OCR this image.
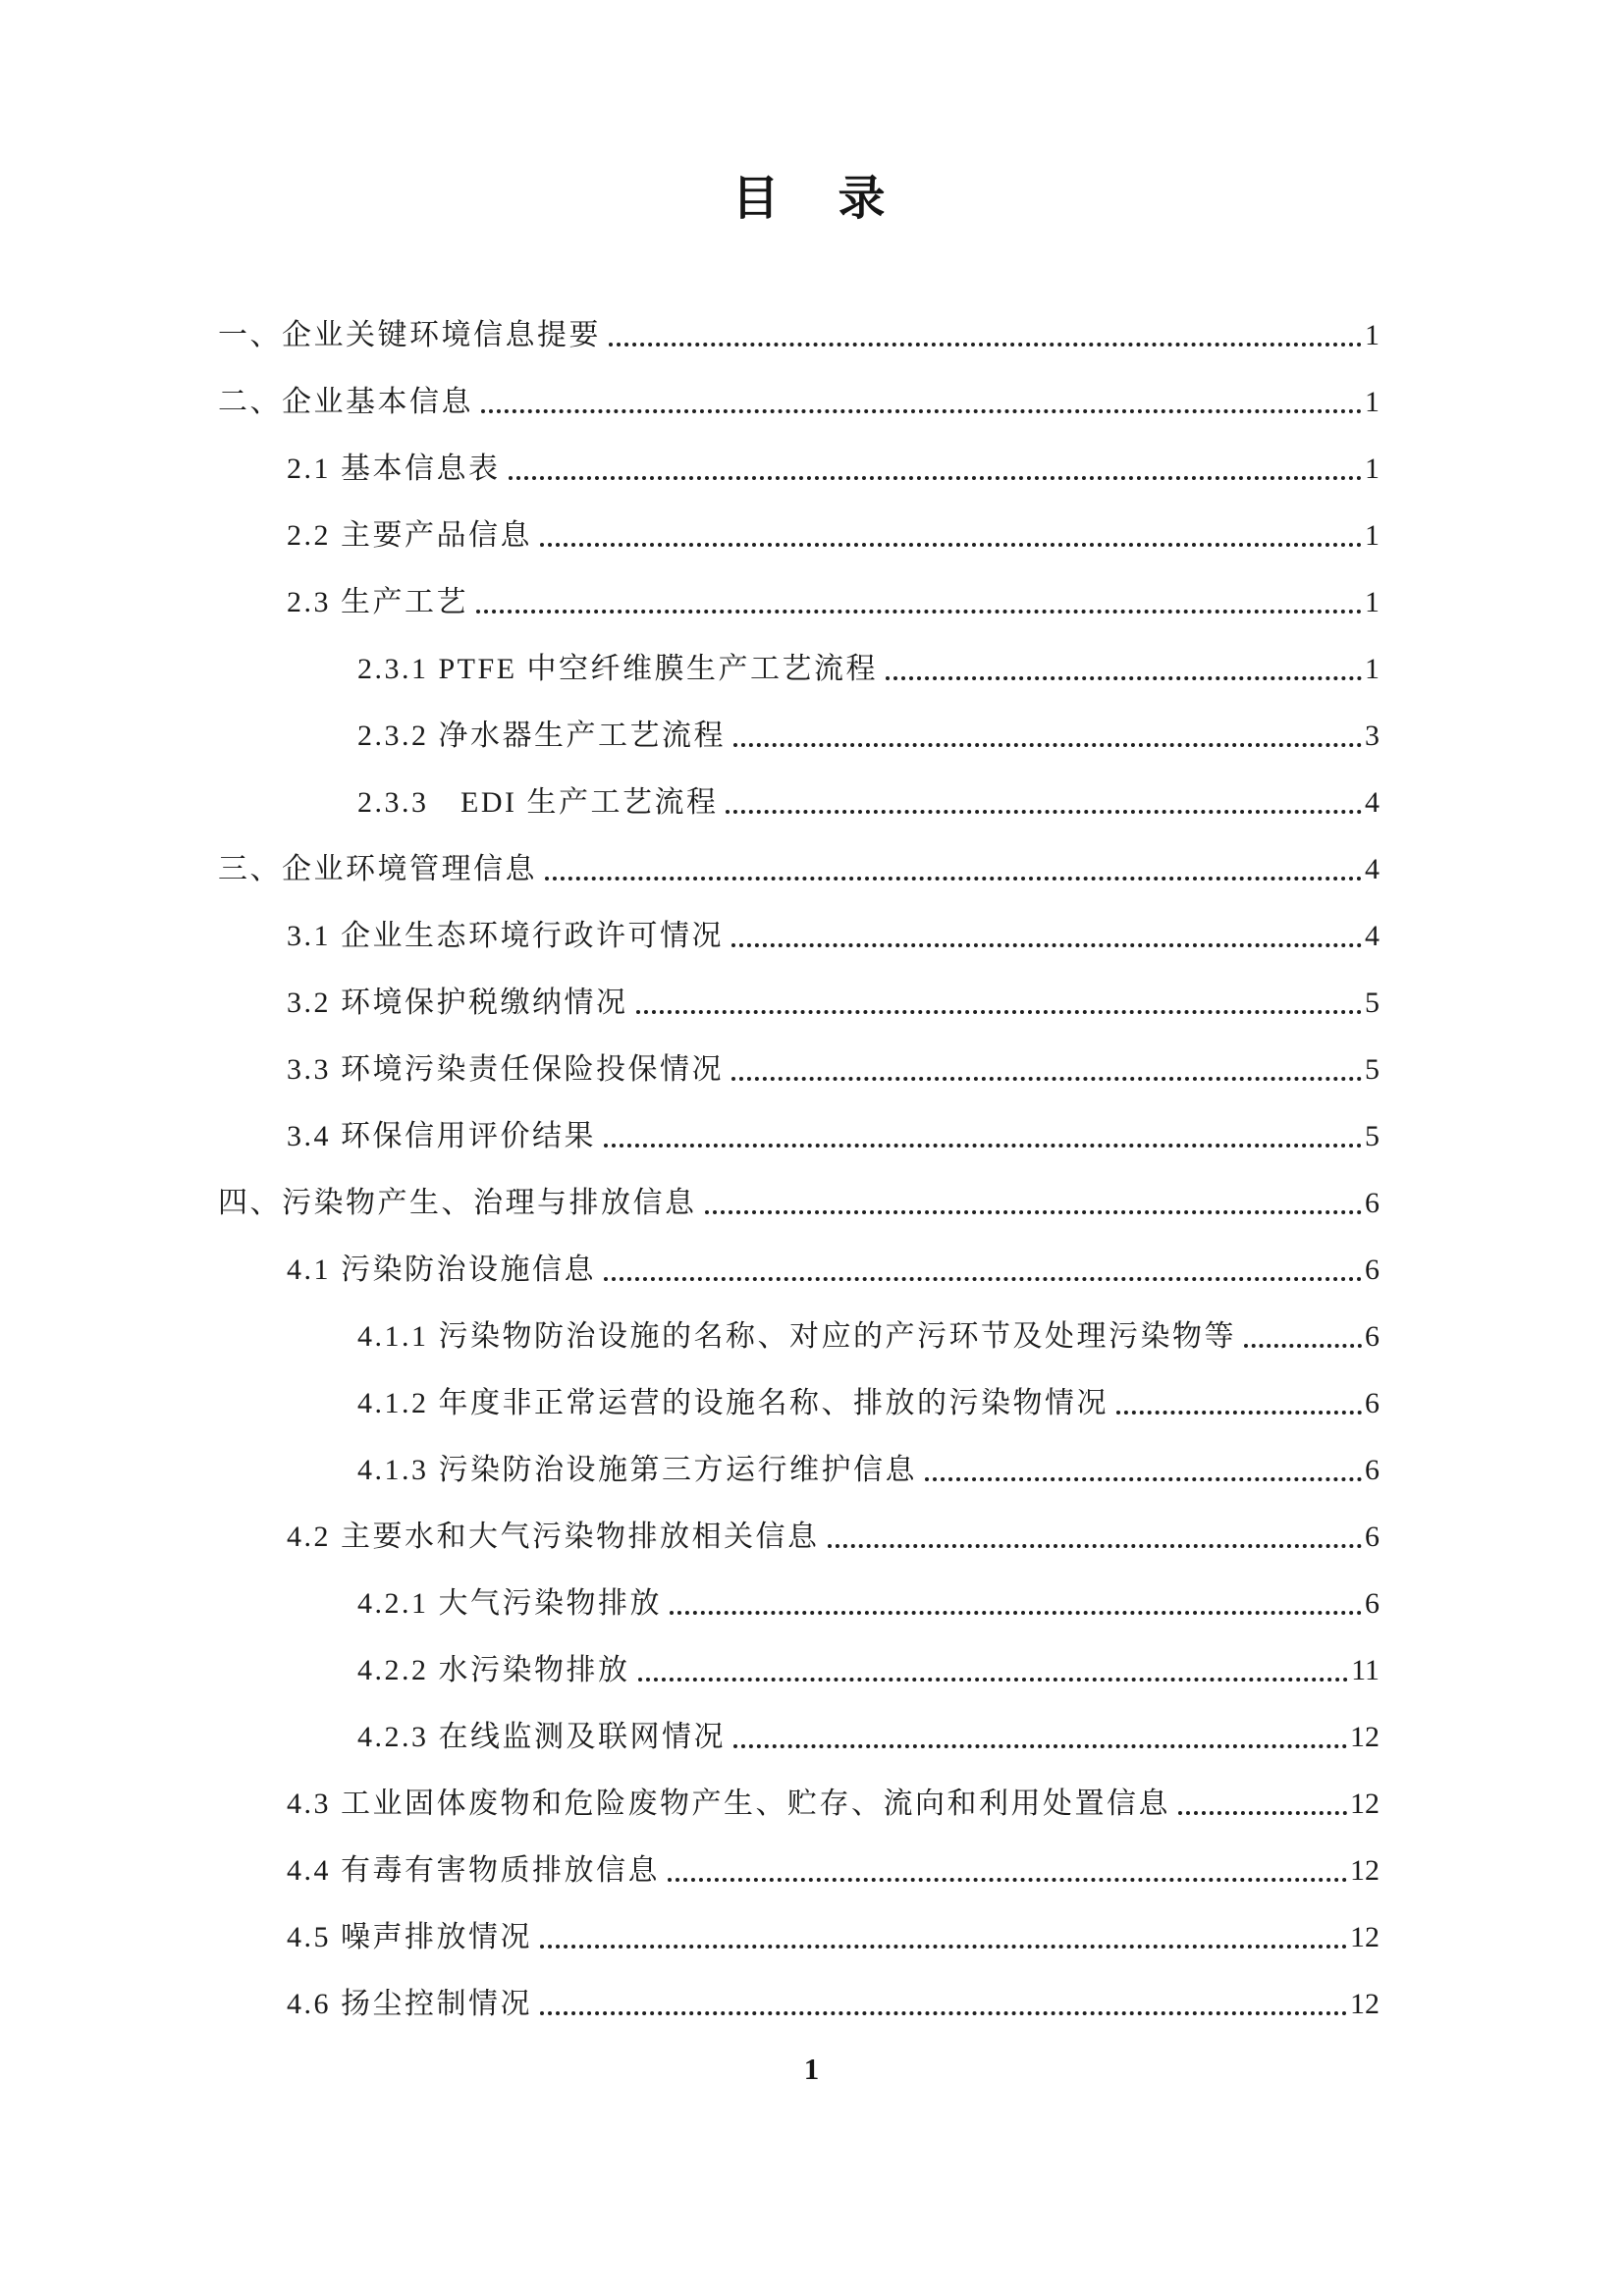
目　录
一、企业关键环境信息提要	1
二、企业基本信息	1
2.1 基本信息表	1
2.2 主要产品信息	1
2.3 生产工艺	1
2.3.1 PTFE 中空纤维膜生产工艺流程	1
2.3.2 净水器生产工艺流程	3
2.3.3　EDI 生产工艺流程	4
三、企业环境管理信息	4
3.1 企业生态环境行政许可情况	4
3.2 环境保护税缴纳情况	5
3.3 环境污染责任保险投保情况	5
3.4 环保信用评价结果	5
四、污染物产生、治理与排放信息	6
4.1 污染防治设施信息	6
4.1.1 污染物防治设施的名称、对应的产污环节及处理污染物等	6
4.1.2 年度非正常运营的设施名称、排放的污染物情况	6
4.1.3 污染防治设施第三方运行维护信息	6
4.2 主要水和大气污染物排放相关信息	6
4.2.1 大气污染物排放	6
4.2.2 水污染物排放	11
4.2.3 在线监测及联网情况	12
4.3 工业固体废物和危险废物产生、贮存、流向和利用处置信息	12
4.4 有毒有害物质排放信息	12
4.5 噪声排放情况	12
4.6 扬尘控制情况	12
1
